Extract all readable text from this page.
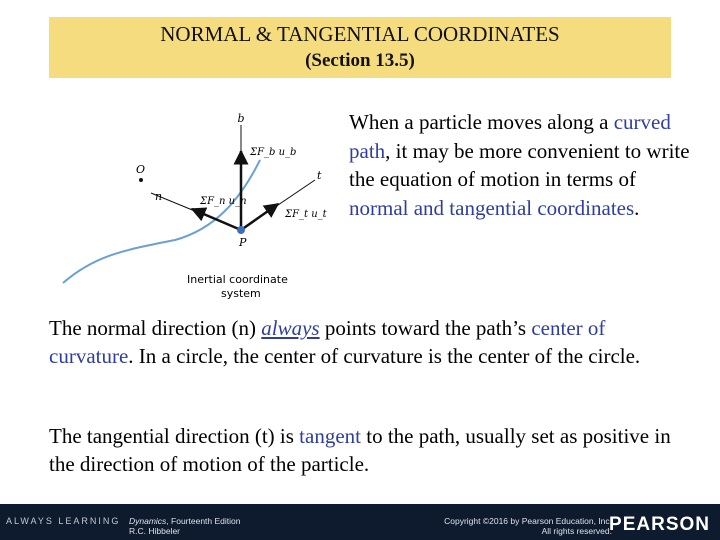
NORMAL & TANGENTIAL COORDINATES
(Section 13.5)
b
ΣF_b u_b
t
ΣF_t u_t
ΣF_n u_n
n
O
P
Inertial coordinate
system
When a particle moves along a curved path, it may be more convenient to write the equation of motion in terms of normal and tangential coordinates.
The normal direction (n) always points toward the path’s center of curvature. In a circle, the center of curvature is the center of the circle.
The tangential direction (t) is tangent to the path, usually set as positive in the direction of motion of the particle.
ALWAYS LEARNING Dynamics, Fourteenth Edition
R.C. Hibbeler
Copyright ©2016 by Pearson Education, Inc.
All rights reserved.
PEARSON
